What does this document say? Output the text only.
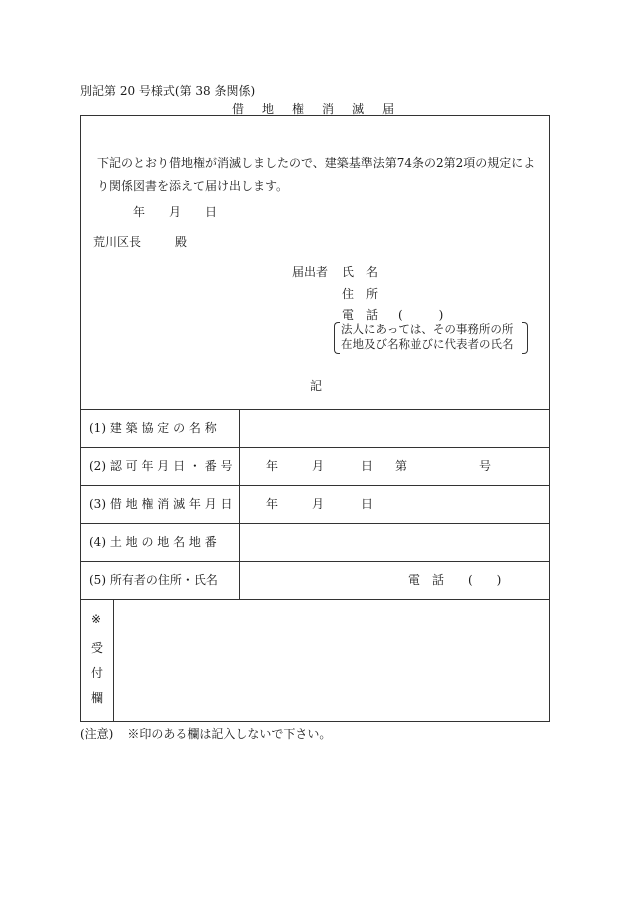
別記第 20 号様式(第 38 条関係)
借 地 権 消 滅 届
下記のとおり借地権が消滅しましたので、建築基準法第74条の2第2項の規定により関係図書を添えて届け出します。
年 月 日
荒川区長	殿
届出者 氏　名
住　所
電　話 (　　　)
法人にあっては、その事務所の所
在地及び名称並びに代表者の氏名
記
(1) 建 築 協 定 の 名 称
(2) 認 可 年 月 日 ・ 番 号	年	月	日 第	号
(3) 借 地 権 消 滅 年 月 日	年	月	日
(4) 土 地 の 地 名 地 番
(5) 所有者の住所・氏名	電　話 (　　)
※
受
付
欄
(注意) ※印のある欄は記入しないで下さい。
